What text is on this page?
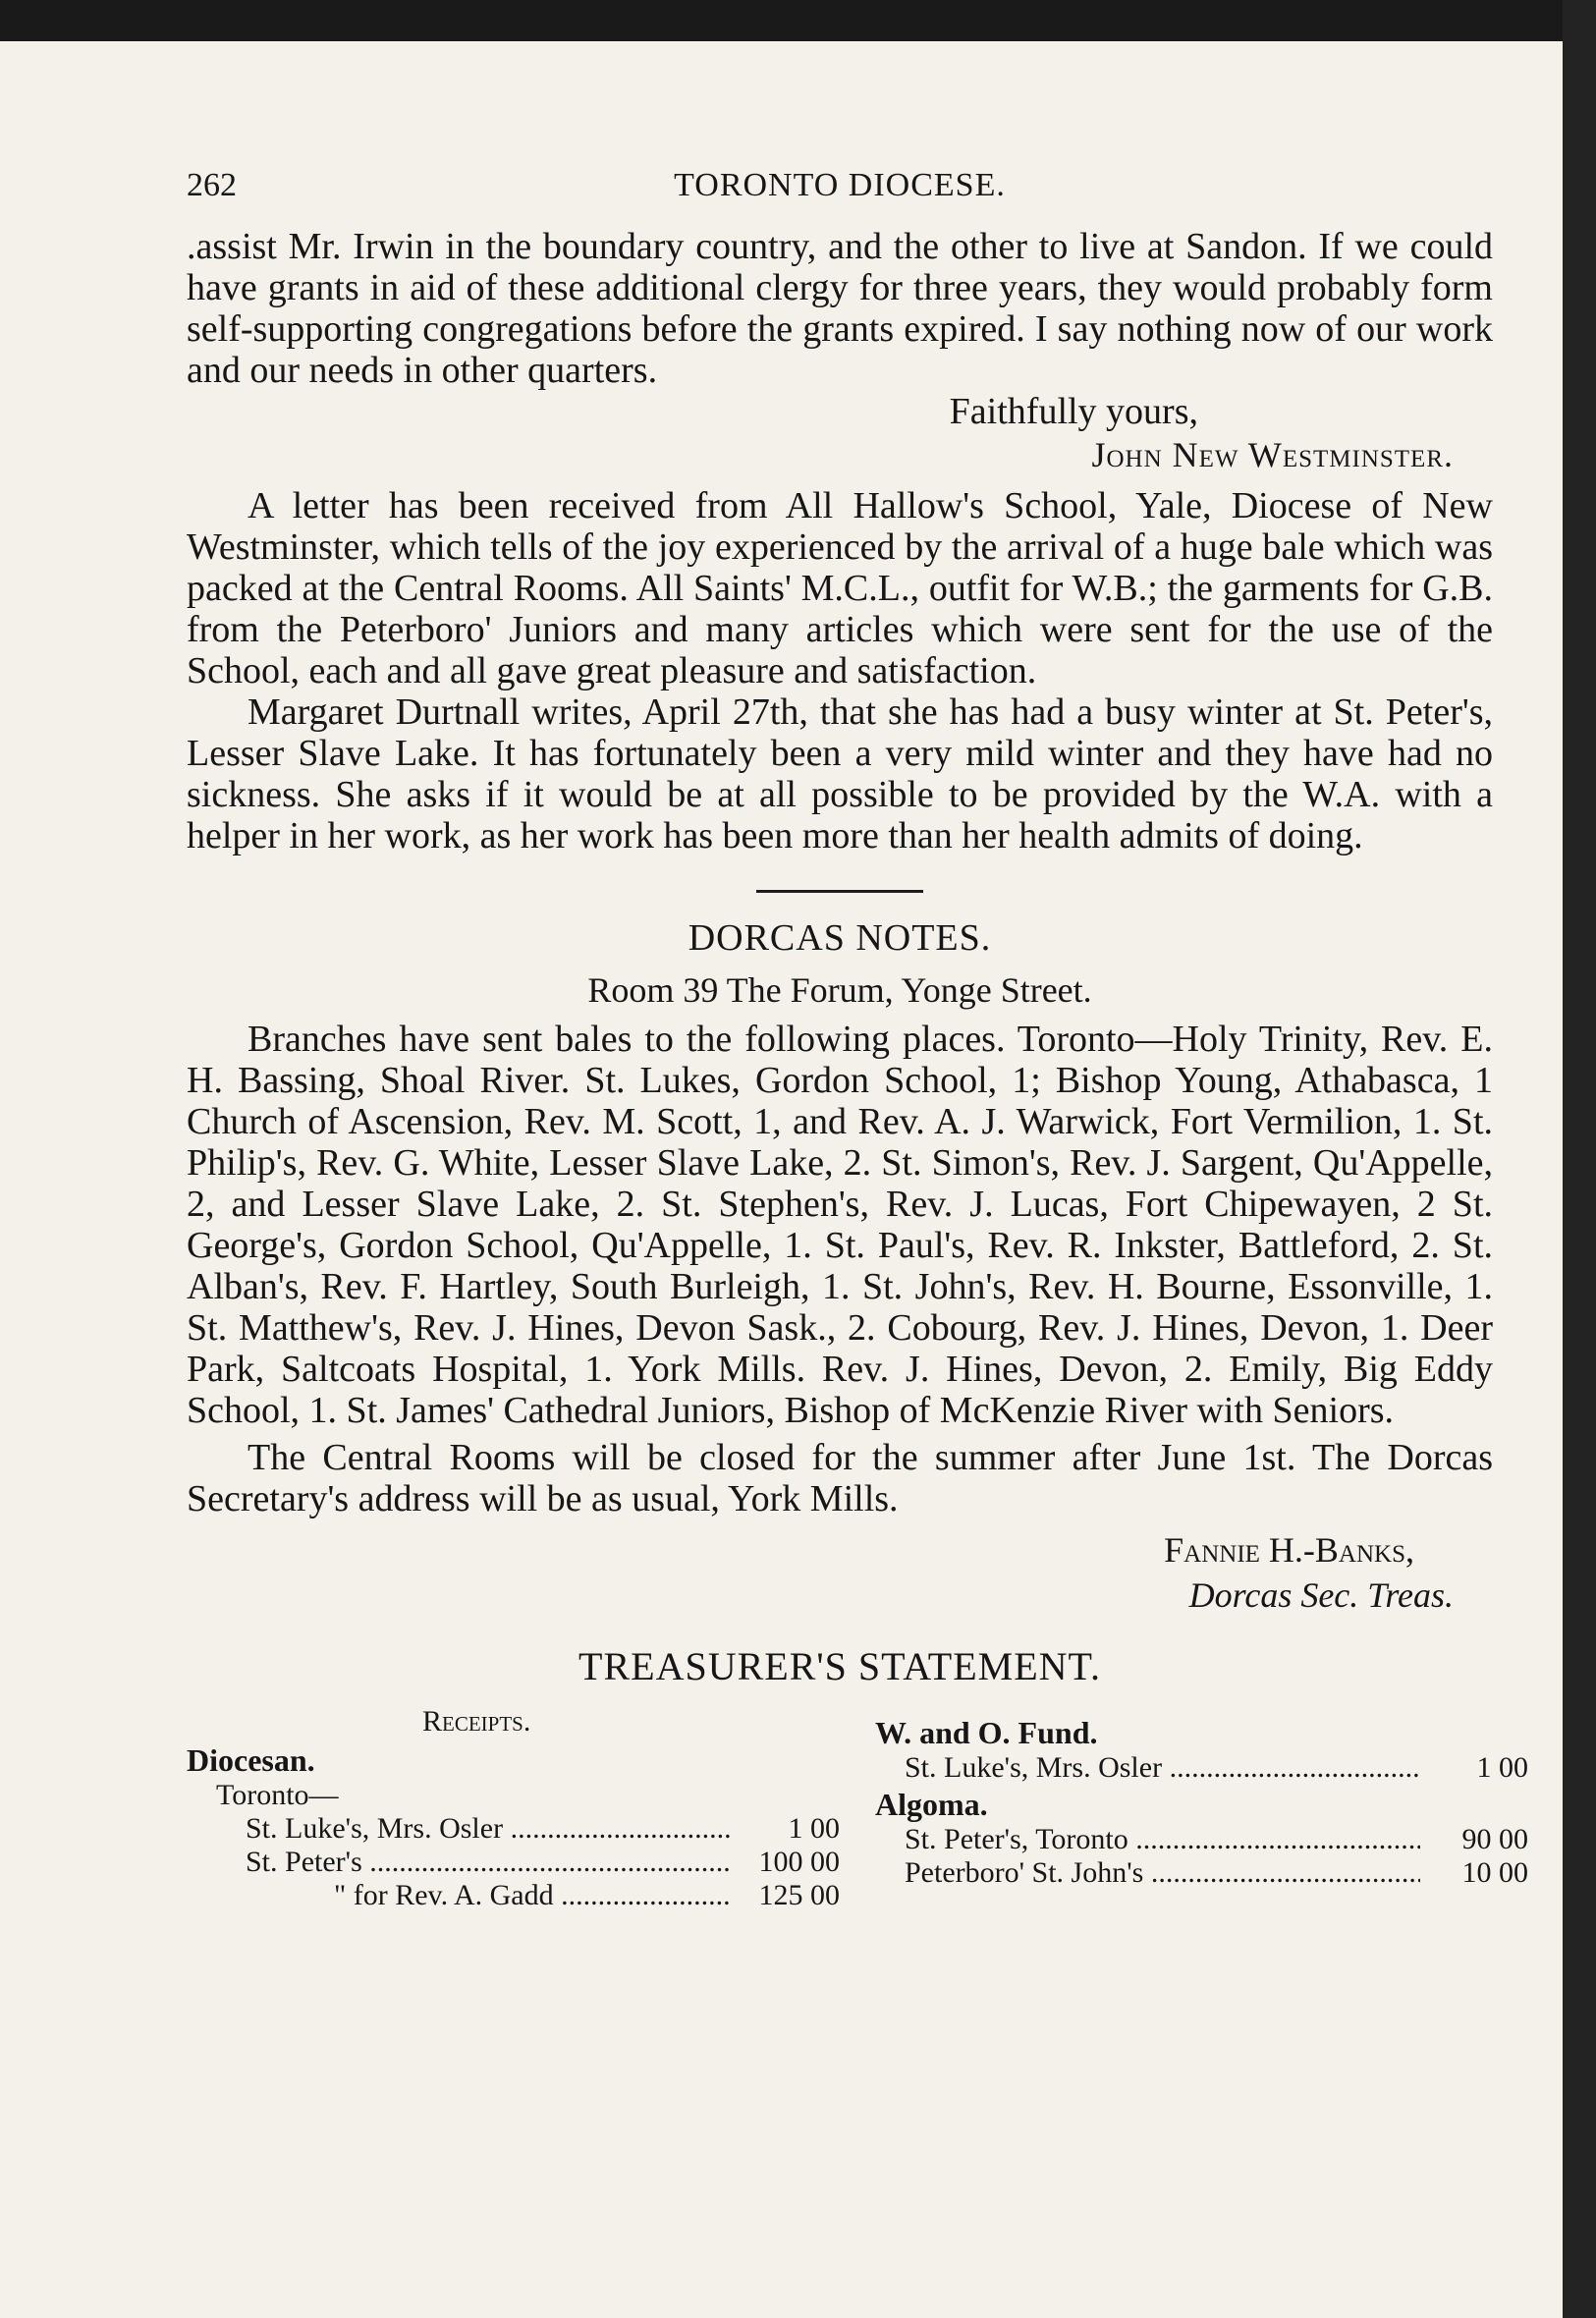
262	TORONTO DIOCESE.

.assist Mr. Irwin in the boundary country, and the other to live at Sandon. If we could have grants in aid of these additional clergy for three years, they would probably form self-supporting congregations before the grants expired. I say nothing now of our work and our needs in other quarters.

Faithfully yours,

John New Westminster.

A letter has been received from All Hallow's School, Yale, Diocese of New Westminster, which tells of the joy experienced by the arrival of a huge bale which was packed at the Central Rooms. All Saints' M.C.L., outfit for W.B.; the garments for G.B. from the Peterboro' Juniors and many articles which were sent for the use of the School, each and all gave great pleasure and satisfaction.

Margaret Durtnall writes, April 27th, that she has had a busy winter at St. Peter's, Lesser Slave Lake. It has fortunately been a very mild winter and they have had no sickness. She asks if it would be at all possible to be provided by the W.A. with a helper in her work, as her work has been more than her health admits of doing.

DORCAS NOTES.
Room 39 The Forum, Yonge Street.

Branches have sent bales to the following places. Toronto—Holy Trinity, Rev. E. H. Bassing, Shoal River. St. Lukes, Gordon School, 1; Bishop Young, Athabasca, 1 Church of Ascension, Rev. M. Scott, 1, and Rev. A. J. Warwick, Fort Vermilion, 1. St. Philip's, Rev. G. White, Lesser Slave Lake, 2. St. Simon's, Rev. J. Sargent, Qu'Appelle, 2, and Lesser Slave Lake, 2. St. Stephen's, Rev. J. Lucas, Fort Chipewayen, 2 St. George's, Gordon School, Qu'Appelle, 1. St. Paul's, Rev. R. Inkster, Battleford, 2. St. Alban's, Rev. F. Hartley, South Burleigh, 1. St. John's, Rev. H. Bourne, Essonville, 1. St. Matthew's, Rev. J. Hines, Devon Sask., 2. Cobourg, Rev. J. Hines, Devon, 1. Deer Park, Saltcoats Hospital, 1. York Mills. Rev. J. Hines, Devon, 2. Emily, Big Eddy School, 1. St. James' Cathedral Juniors, Bishop of McKenzie River with Seniors.

The Central Rooms will be closed for the summer after June 1st. The Dorcas Secretary's address will be as usual, York Mills.

Fannie H.-Banks,
Dorcas Sec. Treas.
TREASURER'S STATEMENT.
Receipts.
Diocesan.
Toronto—
St. Luke's, Mrs. Osler .....	1 00
St. Peter's .....	100 00
" for Rev. A. Gadd .....	125 00
W. and O. Fund.
St. Luke's, Mrs. Osler .....	1 00
Algoma.
St. Peter's, Toronto .....	90 00
Peterboro' St. John's .....	10 00
